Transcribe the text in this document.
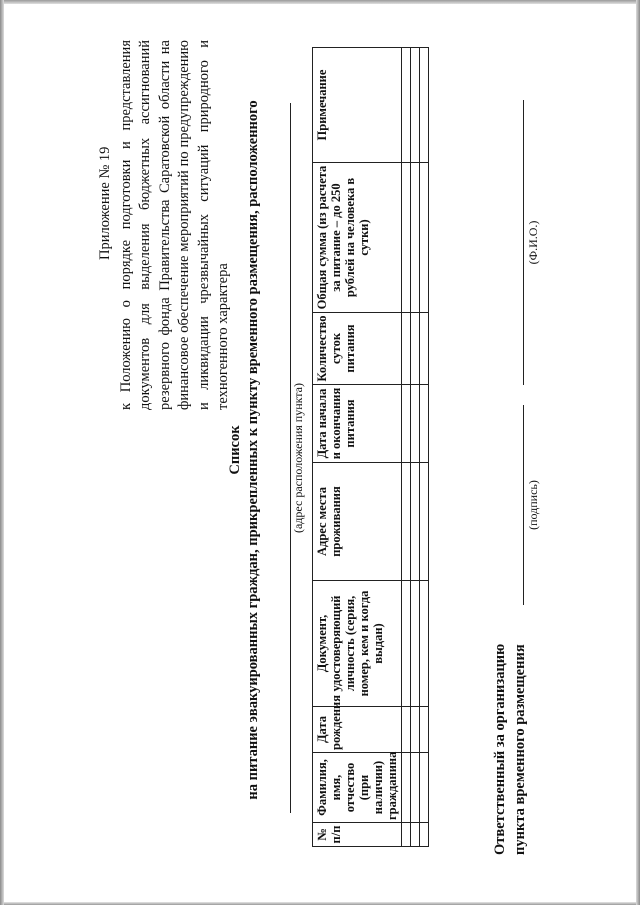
Приложение № 19 к Положению о порядке подготовки и представления документов для выделения бюджетных ассигнований резервного фонда Правительства Саратовской области на финансовое обеспечение мероприятий по предупреждению и ликвидации чрезвычайных ситуаций природного и техногенного характера
Список на питание эвакуированных граждан, прикрепленных к пункту временного размещения, расположенного	(адрес расположения пункта)
№ п/п	Фамилия, имя, отчество (при наличии) гражданина	Дата рождения	Документ, удостоверяющий личность (серия, номер, кем и когда выдан)	Адрес места проживания	Дата начала и окончания питания	Количество суток питания	Общая сумма (из расчета за питание – до 250 рублей на человека в сутки)	Примечание

Ответственный за организацию пункта временного размещения
(подпись)
(Ф.И.О.)
